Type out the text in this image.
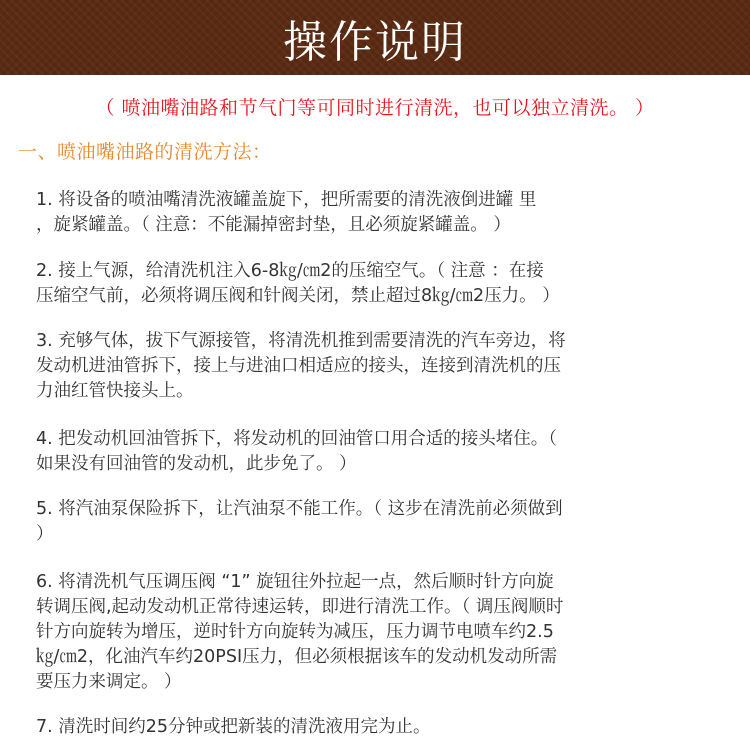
操作说明
（ 喷油嘴油路和节气门等可同时进行清洗，也可以独立清洗。 ）
一、喷油嘴油路的清洗方法：
1. 将设备的喷油嘴清洗液罐盖旋下，把所需要的清洗液倒进罐 里
，旋紧罐盖。（ 注意：不能漏掉密封垫，且必须旋紧罐盖。 ）
2. 接上气源，给清洗机注入6-8㎏/㎝2的压缩空气。（ 注意 ：在接
压缩空气前，必须将调压阀和针阀关闭，禁止超过8㎏/㎝2压力。 ）
3. 充够气体，拔下气源接管，将清洗机推到需要清洗的汽车旁边，将
发动机进油管拆下，接上与进油口相适应的接头，连接到清洗机的压
力油红管快接头上。
4. 把发动机回油管拆下，将发动机的回油管口用合适的接头堵住。（
如果没有回油管的发动机，此步免了。 ）
5. 将汽油泵保险拆下，让汽油泵不能工作。（ 这步在清洗前必须做到
）
6. 将清洗机气压调压阀 “1” 旋钮往外拉起一点，然后顺时针方向旋
转调压阀,起动发动机正常待速运转，即进行清洗工作。（ 调压阀顺时
针方向旋转为增压，逆时针方向旋转为减压，压力调节电喷车约2.5
㎏/㎝2，化油汽车约20PSI压力，但必须根据该车的发动机发动所需
要压力来调定。 ）
7. 清洗时间约25分钟或把新装的清洗液用完为止。
